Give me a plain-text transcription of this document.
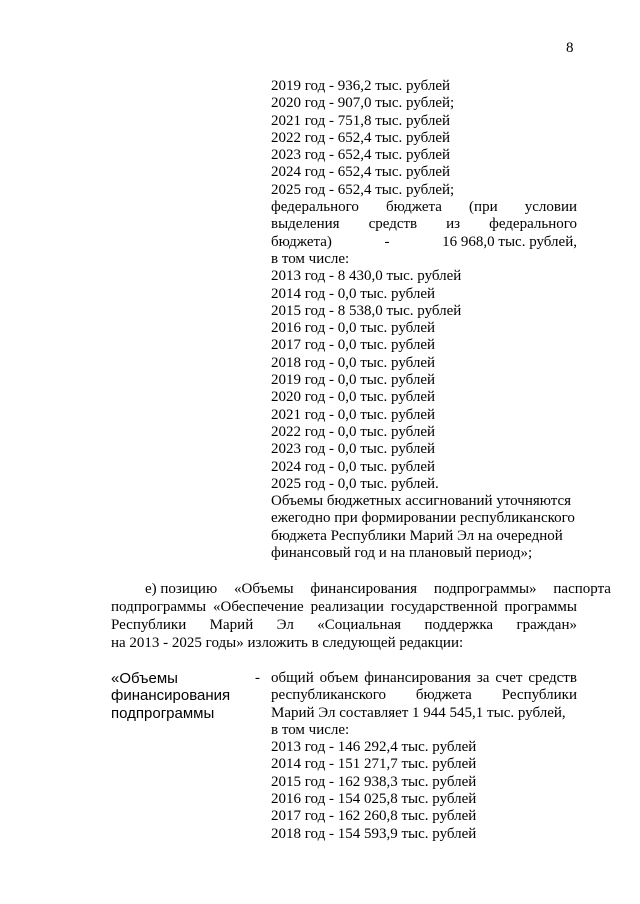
8
2019 год - 936,2 тыс. рублей
2020 год - 907,0 тыс. рублей;
2021 год - 751,8 тыс. рублей
2022 год - 652,4 тыс. рублей
2023 год - 652,4 тыс. рублей
2024 год - 652,4 тыс. рублей
2025 год - 652,4 тыс. рублей;
федерального бюджета (при условии
выделения средств из федерального
бюджета)	-	16 968,0 тыс. рублей,
в том числе:
2013 год - 8 430,0 тыс. рублей
2014 год - 0,0 тыс. рублей
2015 год - 8 538,0 тыс. рублей
2016 год - 0,0 тыс. рублей
2017 год - 0,0 тыс. рублей
2018 год - 0,0 тыс. рублей
2019 год - 0,0 тыс. рублей
2020 год - 0,0 тыс. рублей
2021 год - 0,0 тыс. рублей
2022 год - 0,0 тыс. рублей
2023 год - 0,0 тыс. рублей
2024 год - 0,0 тыс. рублей
2025 год - 0,0 тыс. рублей.
Объемы бюджетных ассигнований уточняются
ежегодно при формировании республиканского
бюджета Республики Марий Эл на очередной
финансовый год и на плановый период»;
е) позицию «Объемы финансирования подпрограммы» паспорта
подпрограммы «Обеспечение реализации государственной программы
Республики Марий Эл «Социальная поддержка граждан»
на 2013 - 2025 годы» изложить в следующей редакции:
«Объемы
финансирования
подпрограммы
- общий объем финансирования за счет средств
республиканского бюджета Республики
Марий Эл составляет 1 944 545,1 тыс. рублей,
в том числе:
2013 год - 146 292,4 тыс. рублей
2014 год - 151 271,7 тыс. рублей
2015 год - 162 938,3 тыс. рублей
2016 год - 154 025,8 тыс. рублей
2017 год - 162 260,8 тыс. рублей
2018 год - 154 593,9 тыс. рублей
